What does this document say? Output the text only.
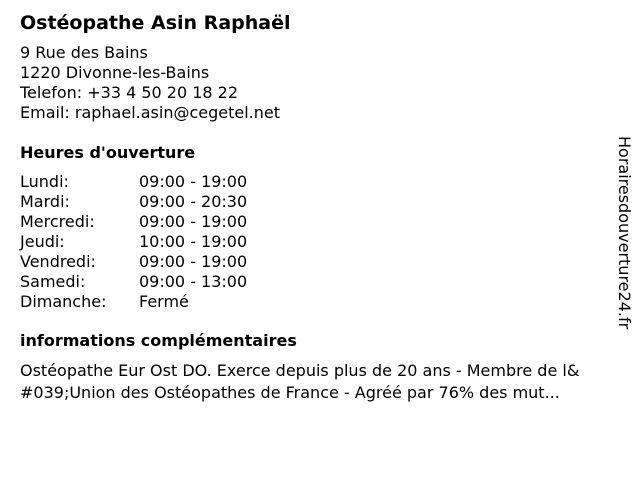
Ostéopathe Asin Raphaël
9 Rue des Bains
1220 Divonne-les-Bains
Telefon: +33 4 50 20 18 22
Email: raphael.asin@cegetel.net
Heures d'ouverture
Lundi:	09:00 - 19:00
Mardi:	09:00 - 20:30
Mercredi:	09:00 - 19:00
Jeudi:	10:00 - 19:00
Vendredi:	09:00 - 19:00
Samedi:	09:00 - 13:00
Dimanche:	Fermé
informations complémentaires
Ostéopathe Eur Ost DO. Exerce depuis plus de 20 ans - Membre de l&
#039;Union des Ostéopathes de France - Agréé par 76% des mut...
Horairesdouverture24.fr
